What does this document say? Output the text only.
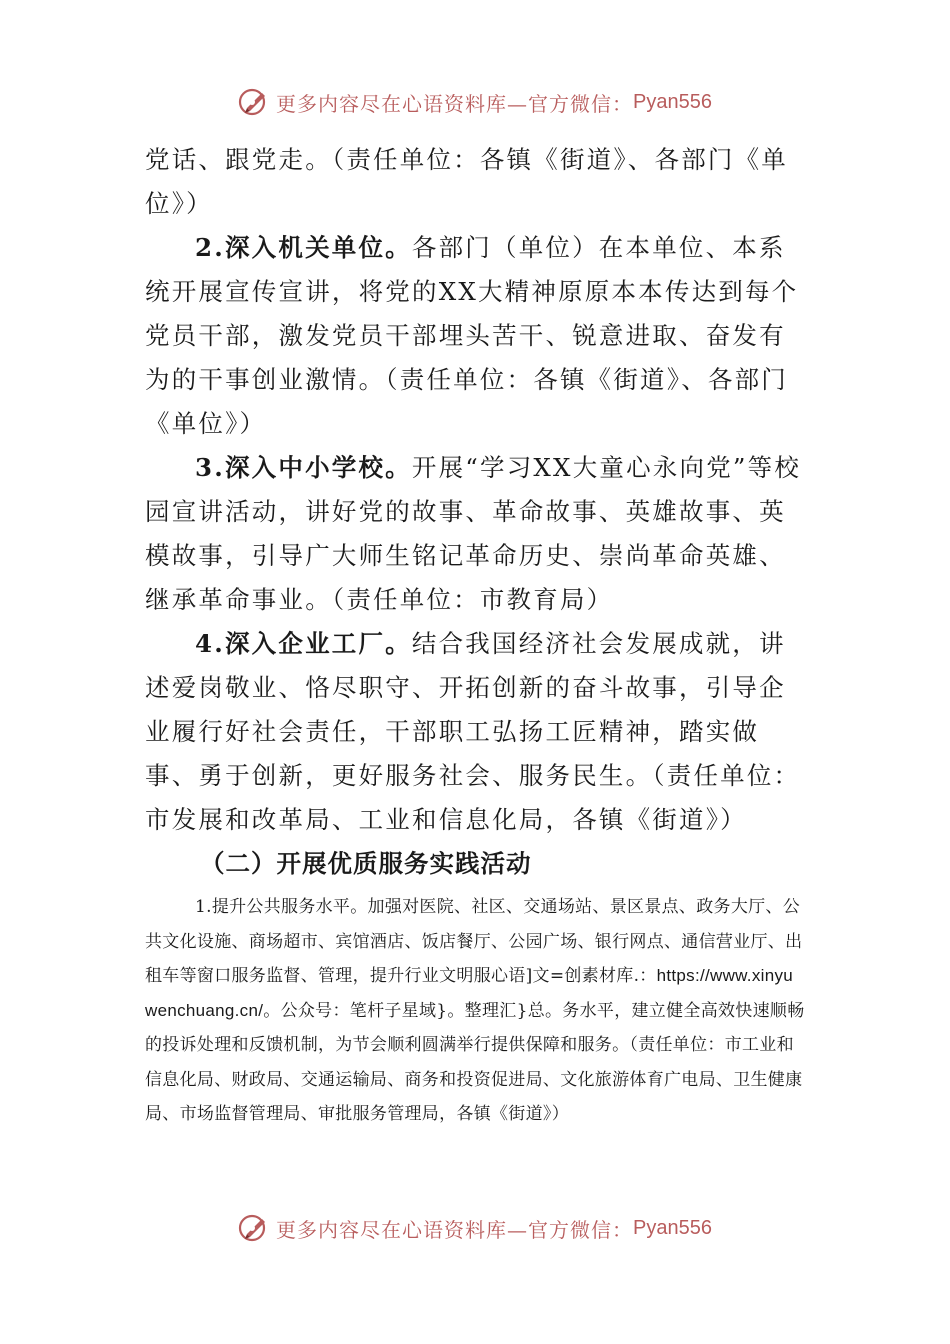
更多内容尽在心语资料库—官方微信： Pyan556

党话、跟党走。（责任单位：各镇《街道》、各部门《单位》）

2.深入机关单位。各部门（单位）在本单位、本系统开展宣传宣讲，将党的XX大精神原原本本传达到每个党员干部，激发党员干部埋头苦干、锐意进取、奋发有为的干事创业激情。（责任单位：各镇《街道》、各部门《单位》）

3.深入中小学校。开展“学习XX大童心永向党”等校园宣讲活动，讲好党的故事、革命故事、英雄故事、英模故事，引导广大师生铭记革命历史、崇尚革命英雄、继承革命事业。（责任单位：市教育局）

4.深入企业工厂。结合我国经济社会发展成就，讲述爱岗敬业、恪尽职守、开拓创新的奋斗故事，引导企业履行好社会责任，干部职工弘扬工匠精神，踏实做事、勇于创新，更好服务社会、服务民生。（责任单位：市发展和改革局、工业和信息化局，各镇《街道》）

（二）开展优质服务实践活动

1.提升公共服务水平。加强对医院、社区、交通场站、景区景点、政务大厅、公共文化设施、商场超市、宾馆酒店、饭店餐厅、公园广场、银行网点、通信营业厅、出租车等窗口服务监督、管理，提升行业文明服心语]文=创素材库.：https://www.xinyuwenchuang.cn/。公众号：笔杆子星域}。整理汇}总。务水平，建立健全高效快速顺畅的投诉处理和反馈机制，为节会顺利圆满举行提供保障和服务。（责任单位：市工业和信息化局、财政局、交通运输局、商务和投资促进局、文化旅游体育广电局、卫生健康局、市场监督管理局、审批服务管理局，各镇《街道》）

更多内容尽在心语资料库—官方微信： Pyan556
